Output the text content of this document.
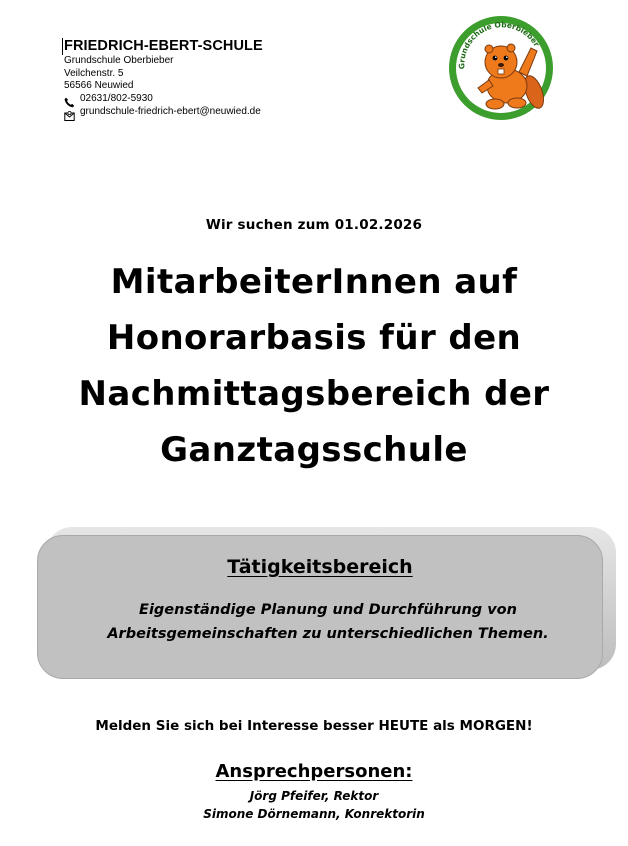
FRIEDRICH-EBERT-SCHULE
Grundschule Oberbieber
Veilchenstr. 5
56566 Neuwied
02631/802-5930
grundschule-friedrich-ebert@neuwied.de
Grundschule Oberbieber
Wir suchen zum 01.02.2026
MitarbeiterInnen auf
Honorarbasis für den
Nachmittagsbereich der
Ganztagsschule
Tätigkeitsbereich
Eigenständige Planung und Durchführung von
Arbeitsgemeinschaften zu unterschiedlichen Themen.
Melden Sie sich bei Interesse besser HEUTE als MORGEN!
Ansprechpersonen:
Jörg Pfeifer, Rektor
Simone Dörnemann, Konrektorin
